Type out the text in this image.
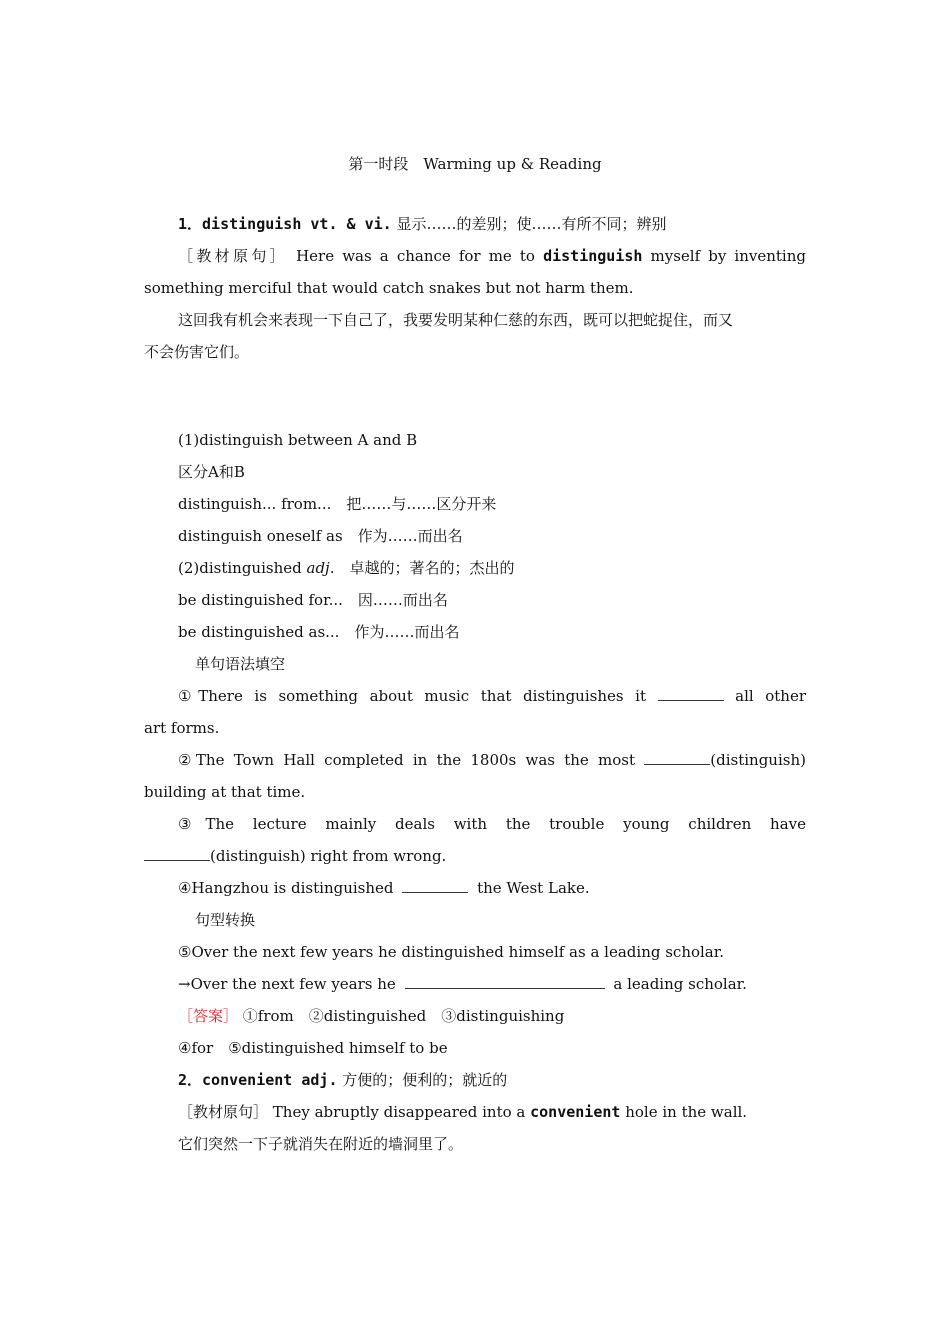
第一时段　Warming up & Reading
1．distinguish vt. & vi. 显示……的差别；使……有所不同；辨别
［教材原句］ Here was a chance for me to distinguish myself by inventing
something merciful that would catch snakes but not harm them.
这回我有机会来表现一下自己了，我要发明某种仁慈的东西，既可以把蛇捉住，而又
不会伤害它们。
(1)distinguish between A and B
区分A和B
distinguish... from...　把……与……区分开来
distinguish oneself as　作为……而出名
(2)distinguished adj.　卓越的；著名的；杰出的
be distinguished for...　因……而出名
be distinguished as...　作为……而出名
单句语法填空
①There is something about music that distinguishes it	all other
art forms.
②The Town Hall completed in the 1800s was the most	(distinguish)
building at that time.
③The lecture mainly deals with the trouble young children have
(distinguish) right from wrong.
④Hangzhou is distinguished	the West Lake.
句型转换
⑤Over the next few years he distinguished himself as a leading scholar.
→Over the next few years he	a leading scholar.
［答案］ ①from　②distinguished　③distinguishing
④for　⑤distinguished himself to be
2．convenient adj. 方便的；便利的；就近的
［教材原句］ They abruptly disappeared into a convenient hole in the wall.
它们突然一下子就消失在附近的墙洞里了。
